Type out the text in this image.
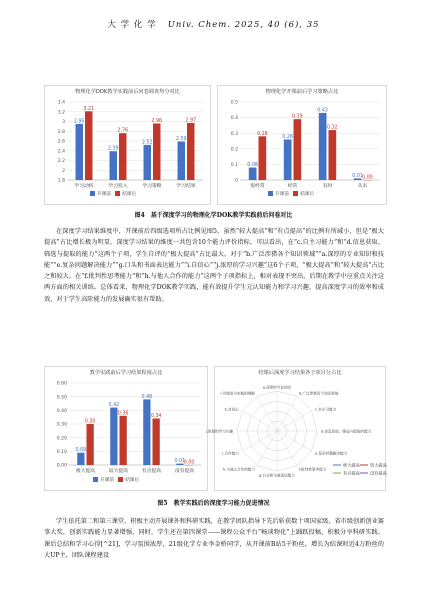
大 学 化 学 Univ. Chem. 2025, 40 (6), 35
物理化学DOK教学实践前后问卷调查均分对比
1.8
2
2.2
2.4
2.6
2.8
3
3.2
3.4
2.95
3.21
学习动机
2.39
2.76
学习投入
2.52
2.96
学习策略
2.59
2.97
学习结果
开课前 结课后
物理化学开课前后学习策略占比
0
0.1
0.2
0.3
0.4
0.5
0.08
0.28
很经常
0.26
0.39
经常
0.43
0.32
有时
0.01 0.00
从未
开课前 结课后
图4　基于深度学习的物理化学DOK教学实践前后问卷对比

在深度学习结果维度中，开课前后四级选项所占比例见图5。虽然“较大提高”和“有点提高”的比例有所减小，但是“极大提高”占比增长极为明显，深度学习结果的维度一共包含10个能力评价指标，可以看出，在“c.自主习能力”和“d.信息获取、筛选与提取的能力”这两个子项，学生自评的“极大提高”占比最大。对于“b.广泛涉猎各个知识领域”“a.深厚的专业知识和技能”“e.复杂问题解决能力”“g.口头和书面表达能力”“i.自信心”“j.浓厚的学习兴趣”这6个子项，“极大提高”和“较大提高”占比之和较大。在“f.批判性思考能力”和“h.与他人合作的能力”这两个子项指标上，相对表现不突出，后期在教学中应重点关注这两方面的相关训练。总体看来，物理化学DOK教学实践，能有效提升学生元认知能力和学习兴趣，提高深度学习的效率和成效，对于学生高阶能力的发展确实很有帮助。

教学实践前后学习结果程度占比
0.00
0.10
0.20
0.30
0.40
0.50
0.60
0.09
0.30
极大提高
0.42
0.36
较大提高
0.48
0.34
有点提高
0.01
0.00
没有提高
开课前 结课后
结课后深度学习结果各子项目分占比
a.深度的专业知识
b.广泛涉猎各个知识领域
c.自主习能力
d.信息获取、筛选与提取的能力
e.复杂问题解决能力
f.批判性思考能力
g.口头和书面表达能力
h.与他人合作的能力
i.合作能力
j.浓厚的学习兴趣
k.自信心
l.对理论与实践的理解
极大提高 较大提高
有点提高 没有提高
图5　教学实践后的深度学习能力促进情况

学生依托第二和第三课堂，积极主动开展课外和科研实践，在教学团队指导下先后斩获数十项国家级、省市级创新创业赛事大奖，创新实践能力显著增强，同时，学生还在第四课堂——课程公众平台“畅谈物化”上踊跃投稿，积极分享科研实践、课后总结和学习心得[^21]，学习氛围浓厚，21级化学专业李金桥同学，从开课前B站5千粉丝，增长为结课时近4万粉丝的大UP主，团队课程建设
